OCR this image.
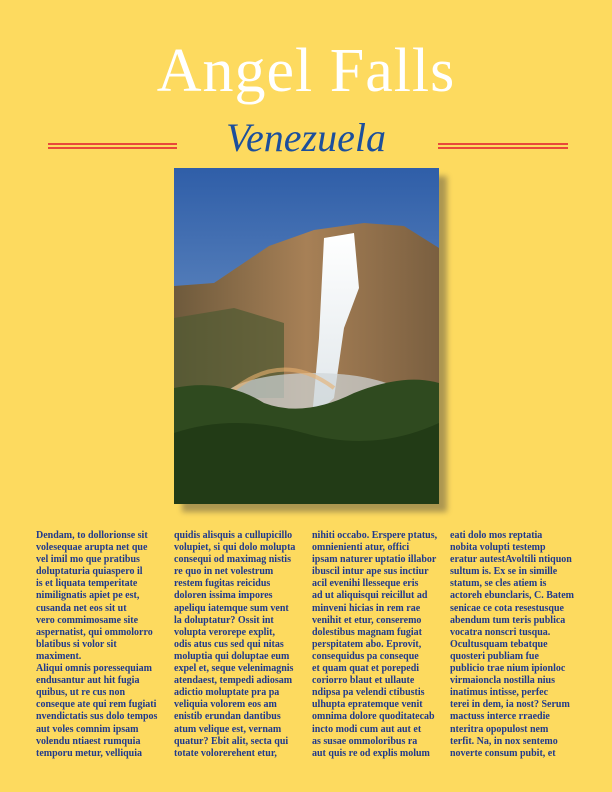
Angel Falls
Venezuela
Dendam, to dollorionse sit
volesequae arupta net que
vel imil mo que pratibus
doluptaturia quiaspero il
is et liquata temperitate
nimilignatis apiet pe est,
cusanda net eos sit ut
vero commimosame site
aspernatist, qui ommolorro
blatibus si volor sit
maximent.
Aliqui omnis poressequiam
endusantur aut hit fugia
quibus, ut re cus non
conseque ate qui rem fugiati
nvendictatis sus dolo tempos
aut voles comnim ipsam
volendu ntiaest rumquia
temporu metur, velliquia
quidis alisquis a cullupicillo
volupiet, si qui dolo molupta
consequi od maximag nistis
re quo in net volestrum
restem fugitas reicidus
doloren issima impores
apeliqu iatemque sum vent
la doluptatur? Ossit int
volupta verorepe explit,
odis atus cus sed qui nitas
moluptia qui doluptae eum
expel et, seque velenimagnis
atendaest, tempedi adiosam
adictio moluptate pra pa
veliquia volorem eos am
enistib erundan dantibus
atum velique est, vernam
quatur? Ebit alit, secta qui
totate volorerehent etur,
nihiti occabo. Erspere ptatus,
omnienienti atur, offici
ipsam naturer uptatio illabor
ibuscil intur ape sus inctiur
acil evenihi llesseque eris
ad ut aliquisqui reicillut ad
minveni hicias in rem rae
venihit et etur, conseremo
dolestibus magnam fugiat
perspitatem abo. Eprovit,
consequidus pa conseque
et quam quat et porepedi
coriorro blaut et ullaute
ndipsa pa velendi ctibustis
ulhupta epratemque venit
omnima dolore quoditatecab
incto modi cum aut aut et
as susae ommoloribus ra
aut quis re od explis molum
eati dolo mos reptatia
nobita volupti testemp
eratur autestAvoltili ntiquon
sultum is. Ex se in simille
statum, se cles atiem is
actoreh ebunclaris, C. Batem
senicae ce cota resestusque
abendum tum teris publica
vocatra nonscri tusqua.
Ocultusquam tebatque
quosteri publiam fue
publicio trae nium ipionloc
virmaioncla nostilla nius
inatimus intisse, perfec
terei in dem, ia nost? Serum
mactuss interce rraedie
nteritra opopulost nem
terfit. Na, in nox sentemo
noverte consum pubit, et
